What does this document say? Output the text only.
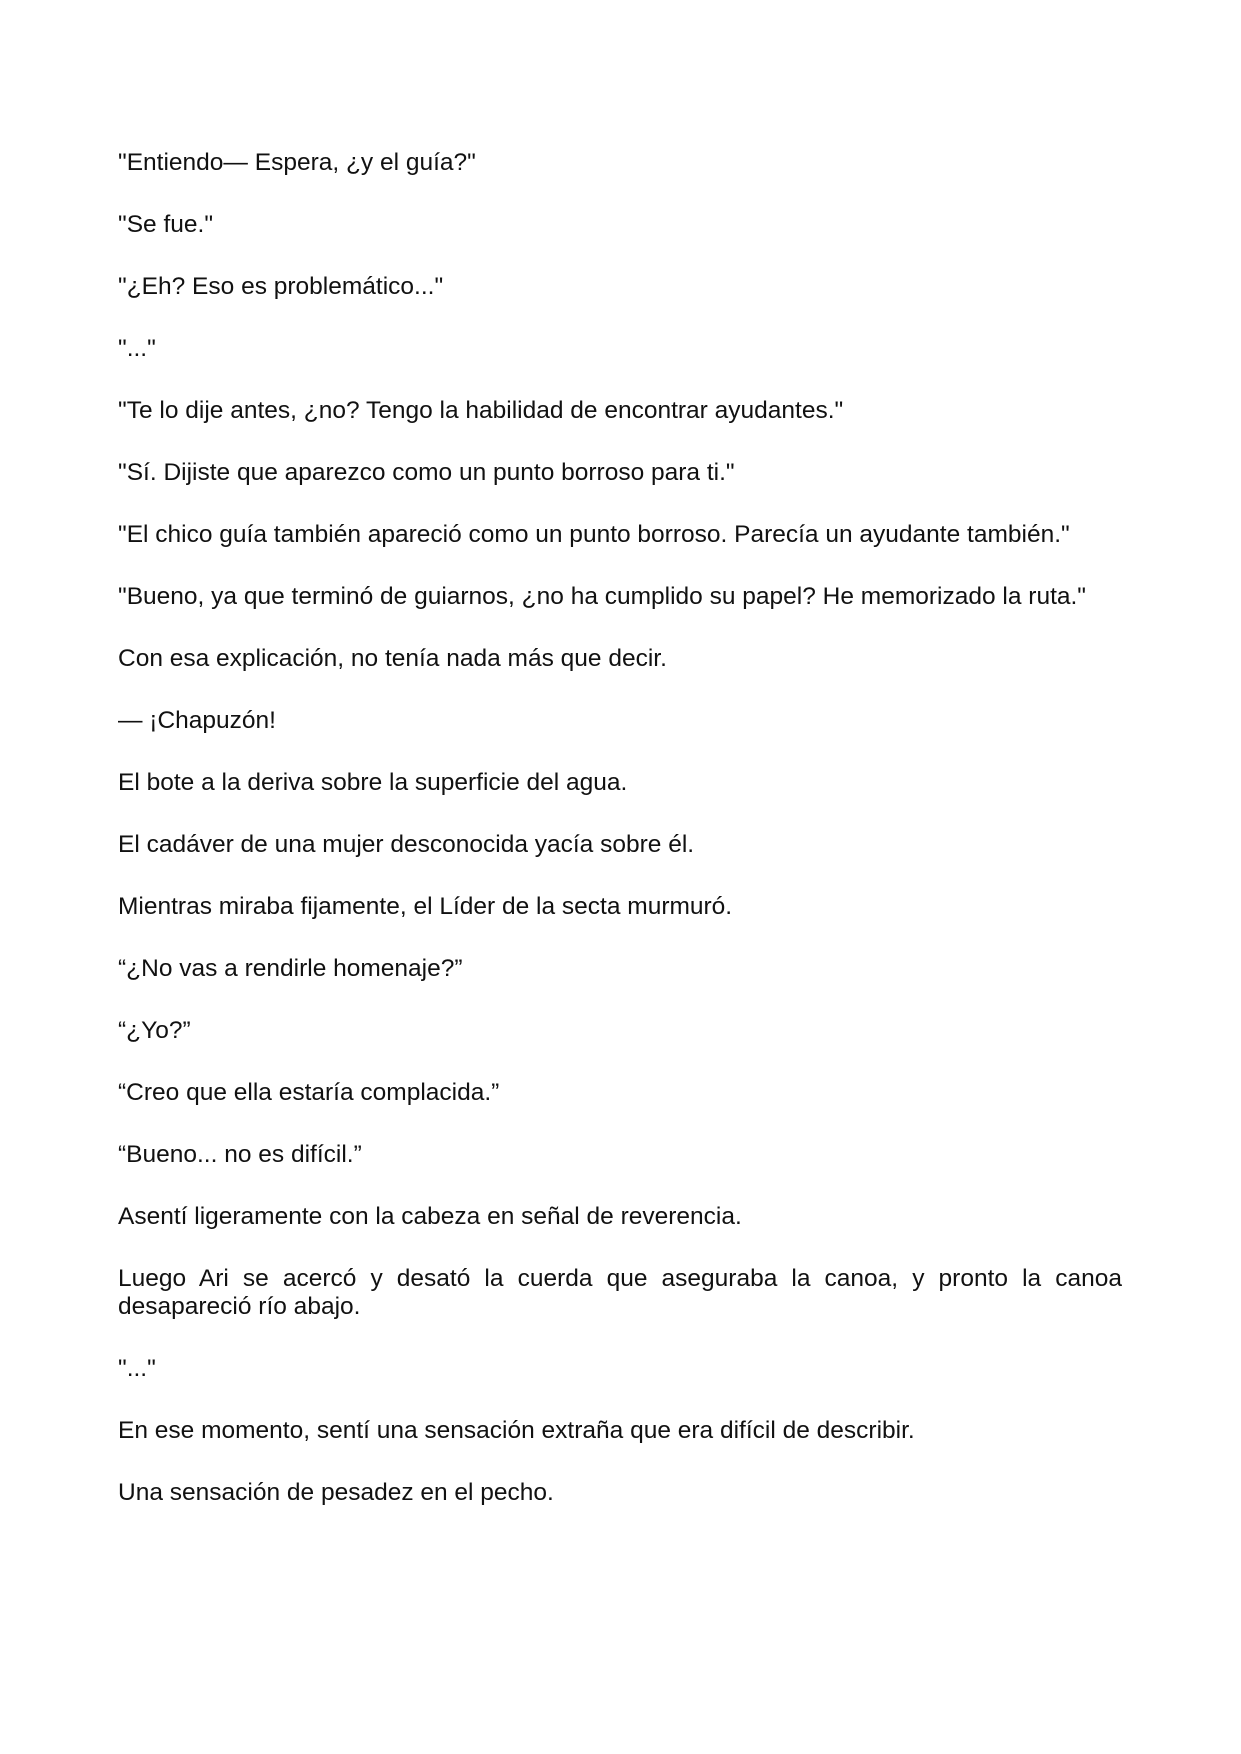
"Entiendo— Espera, ¿y el guía?"

"Se fue."

"¿Eh? Eso es problemático..."

"..."

"Te lo dije antes, ¿no? Tengo la habilidad de encontrar ayudantes."

"Sí. Dijiste que aparezco como un punto borroso para ti."

"El chico guía también apareció como un punto borroso. Parecía un ayudante también."

"Bueno, ya que terminó de guiarnos, ¿no ha cumplido su papel? He memorizado la ruta."

Con esa explicación, no tenía nada más que decir.

— ¡Chapuzón!

El bote a la deriva sobre la superficie del agua.

El cadáver de una mujer desconocida yacía sobre él.

Mientras miraba fijamente, el Líder de la secta murmuró.

“¿No vas a rendirle homenaje?”

“¿Yo?”

“Creo que ella estaría complacida.”

“Bueno... no es difícil.”

Asentí ligeramente con la cabeza en señal de reverencia.

Luego Ari se acercó y desató la cuerda que aseguraba la canoa, y pronto la canoa desapareció río abajo.

"..."

En ese momento, sentí una sensación extraña que era difícil de describir.

Una sensación de pesadez en el pecho.
